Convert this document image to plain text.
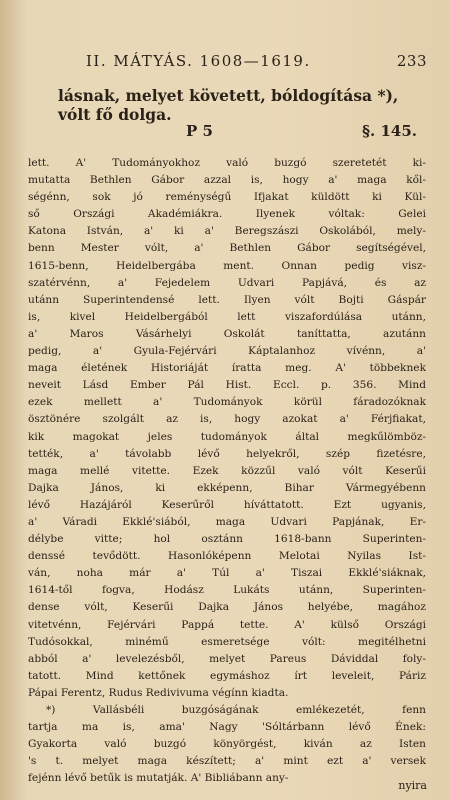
II. MÁTYÁS. 1608—1619.	233
lásnak, melyet követett, bóldogítása *),
vólt fő dolga.
P 5	§. 145.
lett. A' Tudományokhoz való buzgó szeretetét ki-
mutatta Bethlen Gábor azzal is, hogy a' maga kől-
ségénn, sok jó reménységű Ifjakat küldött ki Kül-
ső Országi Akadémiákra. Ilyenek vóltak: Gelei
Katona István, a' ki a' Beregszászi Oskolából, mely-
benn Mester vólt, a' Bethlen Gábor segítségével,
1615-benn, Heidelbergába ment. Onnan pedig visz-
szatérvénn, a' Fejedelem Udvari Papjává, és az
utánn Superintendensé lett. Ilyen vólt Bojti Gáspár
is, kivel Heidelbergából lett viszafordúlása utánn,
a' Maros Vásárhelyi Oskolát taníttatta, azutánn
pedig, a' Gyula-Fejérvári Káptalanhoz vívénn, a'
maga életének Historiáját íratta meg. A' többeknek
neveit Lásd Ember Pál Hist. Eccl. p. 356. Mind
ezek mellett a' Tudományok körül fáradozóknak
ösztönére szolgált az is, hogy azokat a' Férjfiakat,
kik magokat jeles tudományok által megkűlömböz-
tették, a' távolabb lévő helyekről, szép fizetésre,
maga mellé vitette. Ezek közzűl való vólt Keserűi
Dajka János, ki ekképenn, Bihar Vármegyébenn
lévő Hazájáról Keserűről híváttatott. Ezt ugyanis,
a' Váradi Ekklé'siából, maga Udvari Papjának, Er-
délybe vitte; hol osztánn 1618-bann Superinten-
denssé tevődött. Hasonlóképenn Melotai Nyilas Ist-
ván, noha már a' Túl a' Tiszai Ekklé'siáknak,
1614-től fogva, Hodász Lukáts utánn, Superinten-
dense vólt, Keserűi Dajka János helyébe, magához
vitetvénn, Fejérvári Pappá tette. A' külső Országi
Tudósokkal, minémű esmeretsége vólt: megitélhetni
abból a' levelezésből, melyet Pareus Dáviddal foly-
tatott. Mind kettőnek egymáshoz írt leveleit, Páriz
Pápai Ferentz, Rudus Redivivuma végínn kiadta.
*) Vallásbéli buzgóságának emlékezetét, fenn
tartja ma is, ama' Nagy 'Sóltárbann lévő Ének:
Gyakorta való buzgó könyörgést, kiván az Isten
's t. melyet maga készített; a' mint ezt a' versek
fejénn lévő betűk is mutatják. A' Bibliábann any-
nyira
